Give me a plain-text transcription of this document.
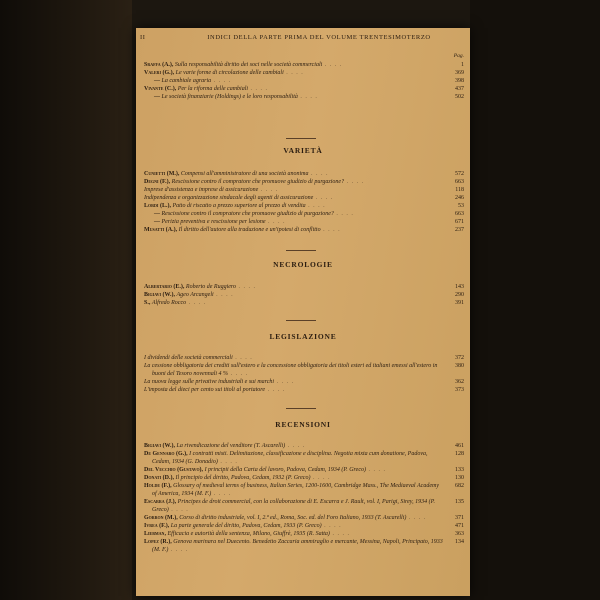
II	INDICI DELLA PARTE PRIMA DEL VOLUME TRENTESIMOTERZO
Pag.
Sraffa (A.), Sulla responsabilità diritto dei soci nelle società commerciali . . . .	1
Valeri (G.), Le varie forme di circolazione delle cambiali . . . .	369
— La cambiale agraria . . . .	398
Vivante (C.), Per la riforma delle cambiali . . . .	437
— Le società finanziarie (Holdings) e le loro responsabilità . . . .	502
VARIETÀ
Cunietti (M.), Compensi all'amministratore di una società anonima . . . .	572
Degni (F.), Rescissione contro il compratore che promuove giudizio di purgazione? . . . .	663
Imprese d'assistenza e imprese di assicurazione . . . .	118
Indipendenza e organizzazione sindacale degli agenti di assicurazione . . . .	246
Lordi (L.), Patto di riscatto a prezzo superiore al prezzo di vendita . . . .	53
— Rescissione contro il compratore che promuove giudizio di purgazione? . . . .	663
— Perizia preventiva e rescissione per lesione . . . .	671
Musatti (A.), Il diritto dell'autore alla traduzione e un'ipotesi di conflitto . . . .	237
NECROLOGIE
Albertario (E.), Roberto de Ruggiero . . . .	143
Bigiavi (W.), Ageo Arcangeli . . . .	290
S., Alfredo Rocco . . . .	391
LEGISLAZIONE
I dividendi delle società commerciali . . . .	372
La cessione obbligatoria dei crediti sull'estero e la concessione obbligatoria dei titoli esteri ed italiani emessi all'estero in buoni del Tesoro novennali 4 % . . . .
380
La nuova legge sulle privative industriali e sui marchi . . . .	362
L'imposta del dieci per cento sui titoli al portatore . . . .	373
RECENSIONI
Bigiavi (W.), La rivendicazione del venditore (T. Ascarelli) . . . .	461
De Gennaro (G.), I contratti misti. Delimitazione, classificazione e disciplina. Negotia mixta cum donatione, Padova, Cedam, 1934 (G. Donadio) . . . .
128
Del Vecchio (Gustavo), I principii della Carta del lavoro, Padova, Cedam, 1934 (P. Greco) . . . .	133
Donati (D.), Il principio del diritto, Padova, Cedam, 1932 (P. Greco) . . . .	130
Holde (F.), Glossary of medieval terms of business, Italian Series, 1200-1600, Cambridge Mass., The Mediaeval Academy of America, 1934 (M. F.) . . . .
682
Escarra (J.), Principes de droit commercial, con la collaborazione di E. Escarra e J. Rault, vol. I, Parigi, Sirey, 1934 (P. Greco) . . . .
135
Gorron (M.), Corso di diritto industriale, vol. I, 2.ª ed., Roma, Soc. ed. del Foro Italiano, 1933 (T. Ascarelli) . . . .	371
Ivrea (F.), La parte generale del diritto, Padova, Cedam, 1933 (P. Greco) . . . .	471
Liebman, Efficacia e autorità della sentenza, Milano, Giuffrè, 1935 (R. Satta) . . . .	363
Lopez (R.), Genova marinara nel Duecento. Benedetto Zaccaria ammiraglio e mercante, Messina, Napoli, Principato, 1933 (M. F.) . . . .
134
